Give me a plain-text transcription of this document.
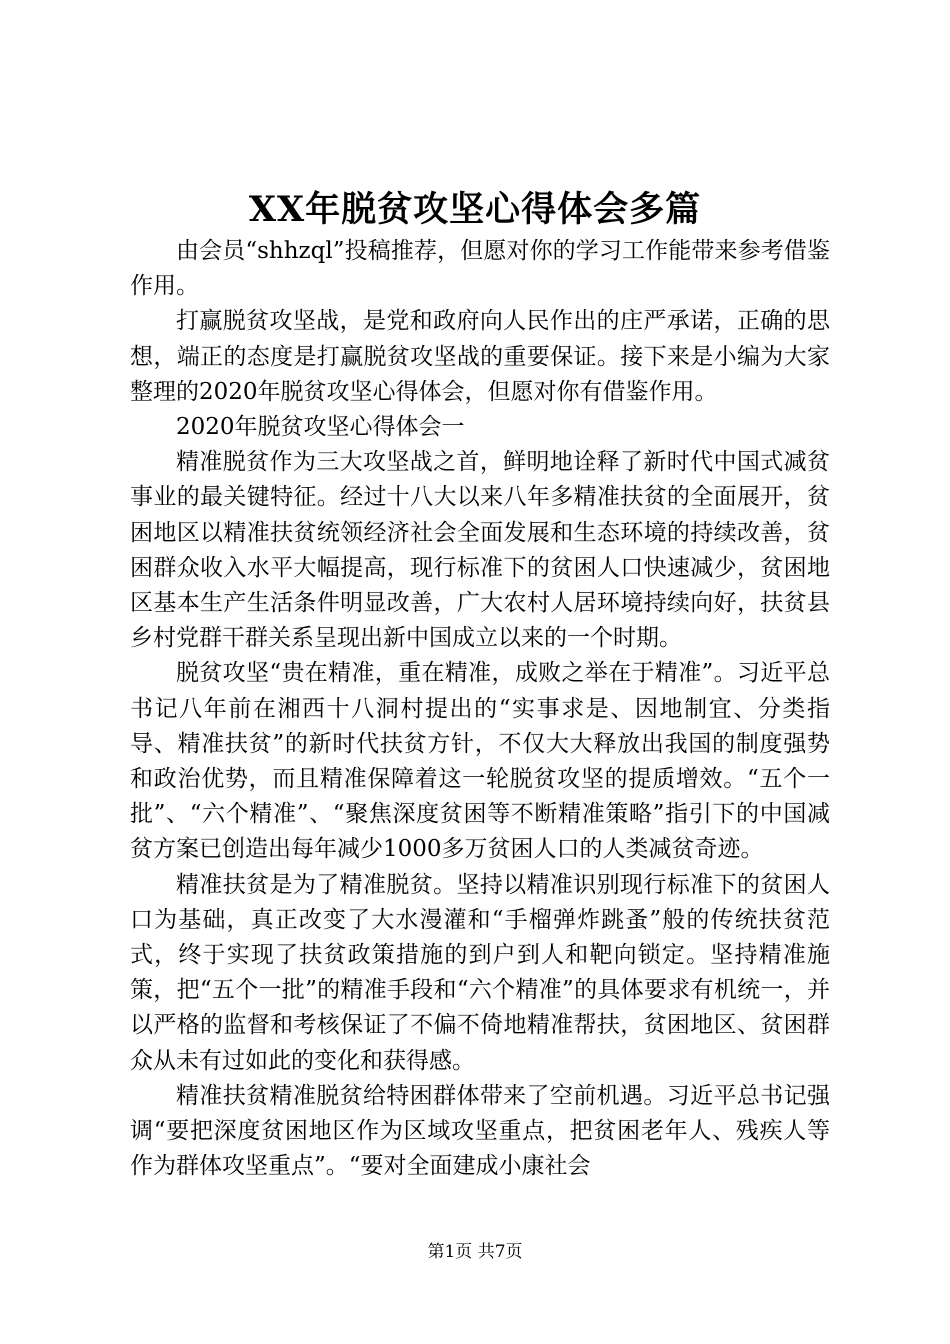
XX年脱贫攻坚心得体会多篇

由会员“shhzql”投稿推荐，但愿对你的学习工作能带来参考借鉴作用。

打赢脱贫攻坚战，是党和政府向人民作出的庄严承诺，正确的思想，端正的态度是打赢脱贫攻坚战的重要保证。接下来是小编为大家整理的2020年脱贫攻坚心得体会，但愿对你有借鉴作用。

2020年脱贫攻坚心得体会一

精准脱贫作为三大攻坚战之首，鲜明地诠释了新时代中国式减贫事业的最关键特征。经过十八大以来八年多精准扶贫的全面展开，贫困地区以精准扶贫统领经济社会全面发展和生态环境的持续改善，贫困群众收入水平大幅提高，现行标准下的贫困人口快速减少，贫困地区基本生产生活条件明显改善，广大农村人居环境持续向好，扶贫县乡村党群干群关系呈现出新中国成立以来的一个时期。

脱贫攻坚“贵在精准，重在精准，成败之举在于精准”。习近平总书记八年前在湘西十八洞村提出的“实事求是、因地制宜、分类指导、精准扶贫”的新时代扶贫方针，不仅大大释放出我国的制度强势和政治优势，而且精准保障着这一轮脱贫攻坚的提质增效。“五个一批”、“六个精准”、“聚焦深度贫困等不断精准策略”指引下的中国减贫方案已创造出每年减少1000多万贫困人口的人类减贫奇迹。

精准扶贫是为了精准脱贫。坚持以精准识别现行标准下的贫困人口为基础，真正改变了大水漫灌和“手榴弹炸跳蚤”般的传统扶贫范式，终于实现了扶贫政策措施的到户到人和靶向锁定。坚持精准施策，把“五个一批”的精准手段和“六个精准”的具体要求有机统一，并以严格的监督和考核保证了不偏不倚地精准帮扶，贫困地区、贫困群众从未有过如此的变化和获得感。

精准扶贫精准脱贫给特困群体带来了空前机遇。习近平总书记强调“要把深度贫困地区作为区域攻坚重点，把贫困老年人、残疾人等作为群体攻坚重点”。“要对全面建成小康社会

第1页 共7页
